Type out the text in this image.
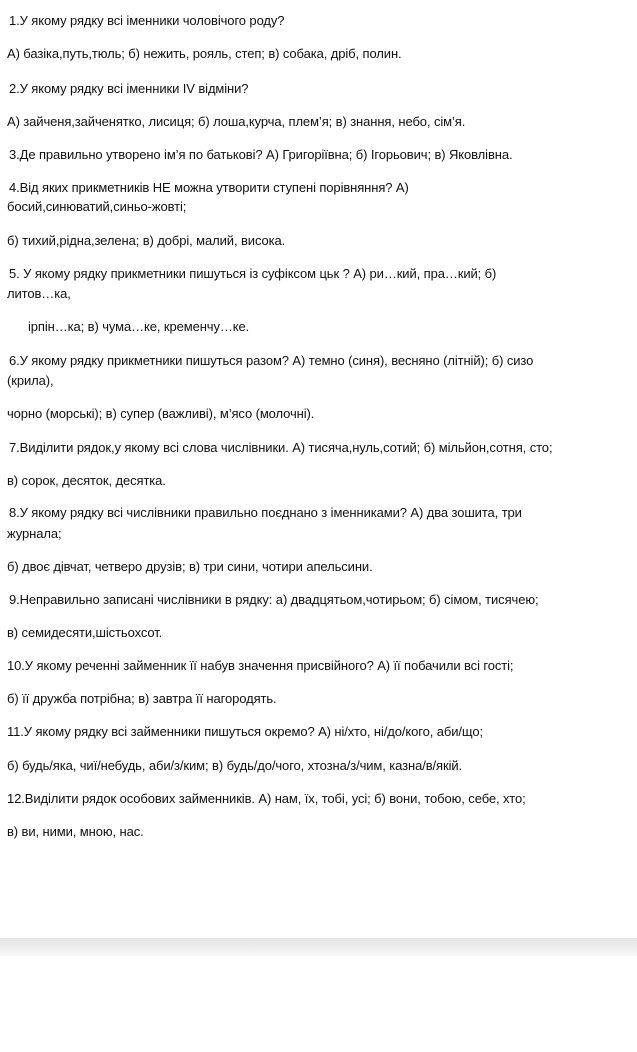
1.У якому рядку всі іменники чоловічого роду?
А) базіка,путь,тюль; б) нежить, рояль, степ; в) собака, дріб, полин.
2.У якому рядку всі іменники ІV відміни?
А) зайченя,зайченятко, лисиця; б) лоша,курча, плем’я; в) знання, небо, сім’я.
3.Де правильно утворено ім’я по батькові? А) Григоріївна; б) Ігорьович; в) Яковлівна.
4.Від яких прикметників НЕ можна утворити ступені порівняння? А)
босий,синюватий,синьо-жовті;
б) тихий,рідна,зелена; в) добрі, малий, висока.
5. У якому рядку прикметники пишуться із суфіксом цьк ? А) ри…кий, пра…кий; б)
литов…ка,
ірпін…ка; в) чума…ке, кременчу…ке.
6.У якому рядку прикметники пишуться разом? А) темно (синя), весняно (літній); б) сизо
(крила),
чорно (морські); в) супер (важливі), м’ясо (молочні).
7.Виділити рядок,у якому всі слова числівники. А) тисяча,нуль,сотий; б) мільйон,сотня, сто;
в) сорок, десяток, десятка.
8.У якому рядку всі числівники правильно поєднано з іменниками? А) два зошита, три
журнала;
б) двоє дівчат, четверо друзів; в) три сини, чотири апельсини.
9.Неправильно записані числівники в рядку: а) двадцятьом,чотирьом; б) сімом, тисячею;
в) семидесяти,шістьохсот.
10.У якому реченні займенник її набув значення присвійного? А) її побачили всі гості;
б) її дружба потрібна; в) завтра її нагородять.
11.У якому рядку всі займенники пишуться окремо? А) ні/хто, ні/до/кого, аби/що;
б) будь/яка, чиї/небудь, аби/з/ким; в) будь/до/чого, хтозна/з/чим, казна/в/якій.
12.Виділити рядок особових займенників. А) нам, їх, тобі, усі; б) вони, тобою, себе, хто;
в) ви, ними, мною, нас.
